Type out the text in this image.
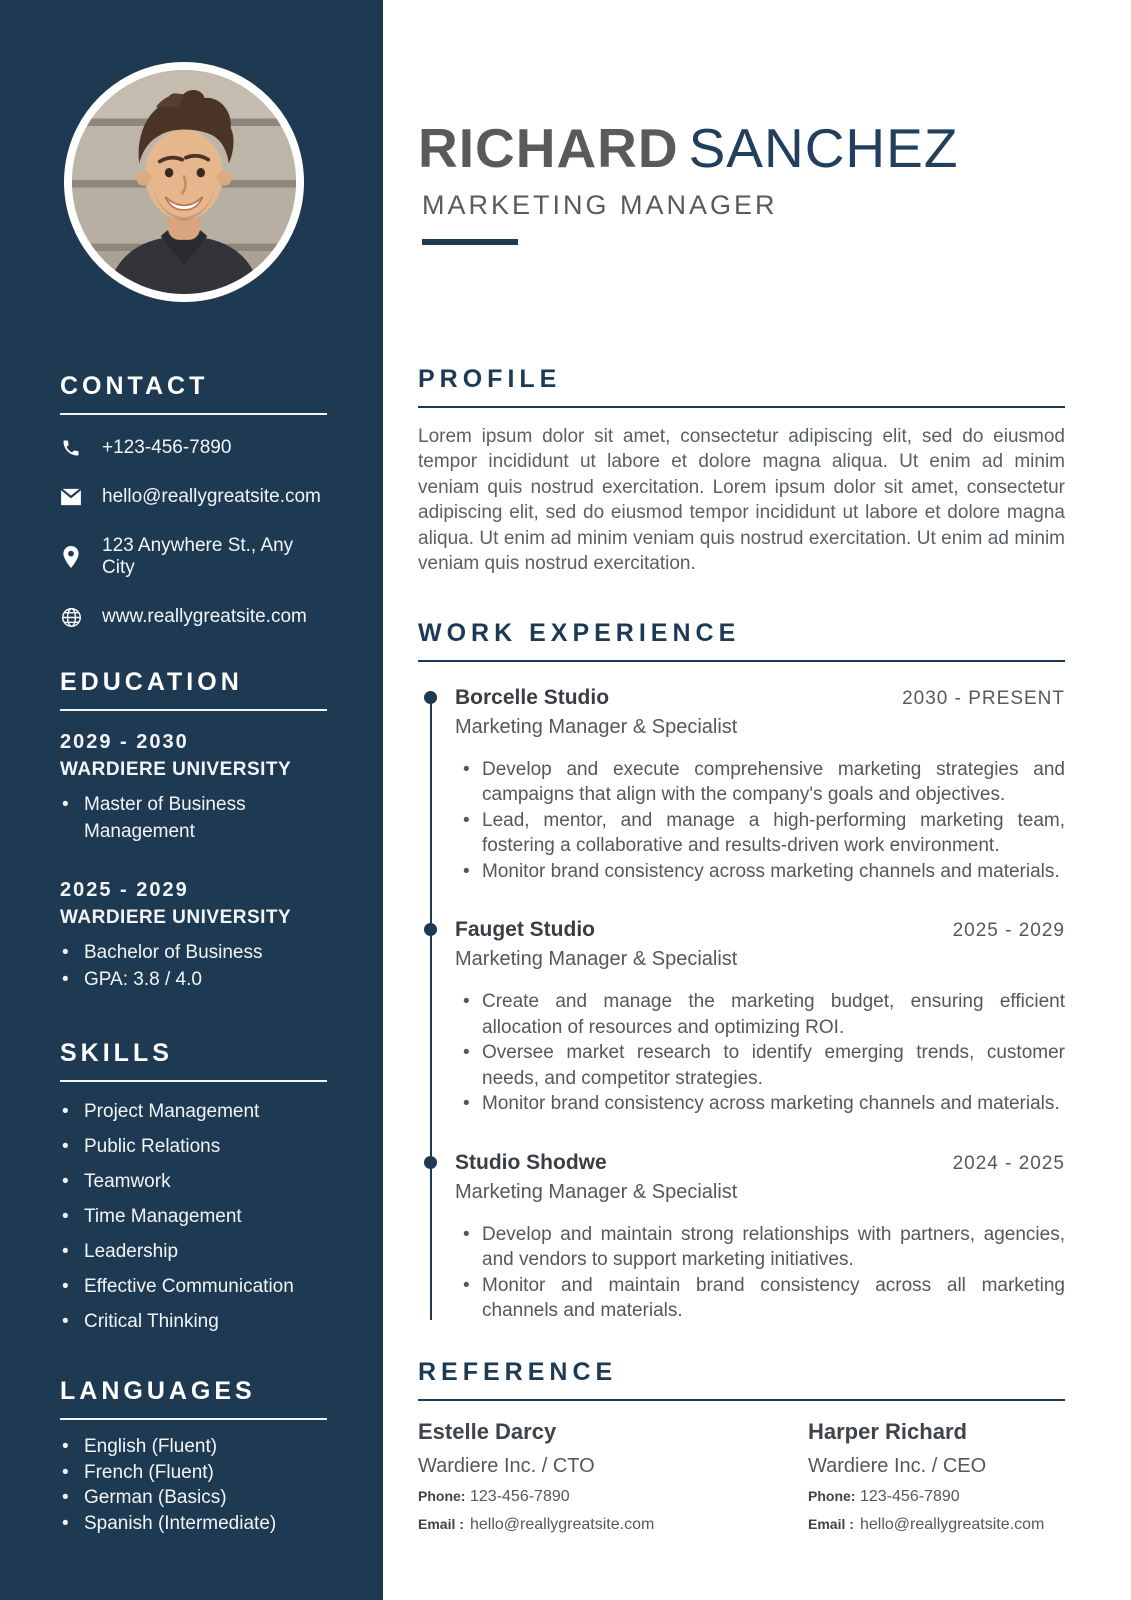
CONTACT
+123-456-7890
hello@reallygreatsite.com
123 Anywhere St., Any City
www.reallygreatsite.com
EDUCATION
2029 - 2030
WARDIERE UNIVERSITY
• Master of Business Management
2025 - 2029
WARDIERE UNIVERSITY
• Bachelor of Business
• GPA: 3.8 / 4.0
SKILLS
• Project Management
• Public Relations
• Teamwork
• Time Management
• Leadership
• Effective Communication
• Critical Thinking
LANGUAGES
• English (Fluent)
• French (Fluent)
• German (Basics)
• Spanish (Intermediate)
RICHARD SANCHEZ
MARKETING MANAGER
PROFILE

Lorem ipsum dolor sit amet, consectetur adipiscing elit, sed do eiusmod tempor incididunt ut labore et dolore magna aliqua. Ut enim ad minim veniam quis nostrud exercitation. Lorem ipsum dolor sit amet, consectetur adipiscing elit, sed do eiusmod tempor incididunt ut labore et dolore magna aliqua. Ut enim ad minim veniam quis nostrud exercitation. Ut enim ad minim veniam quis nostrud exercitation.

WORK EXPERIENCE
Borcelle Studio	2030 - PRESENT
Marketing Manager & Specialist
• Develop and execute comprehensive marketing strategies and campaigns that align with the company's goals and objectives.
• Lead, mentor, and manage a high-performing marketing team, fostering a collaborative and results-driven work environment.
• Monitor brand consistency across marketing channels and materials.
Fauget Studio	2025 - 2029
Marketing Manager & Specialist
• Create and manage the marketing budget, ensuring efficient allocation of resources and optimizing ROI.
• Oversee market research to identify emerging trends, customer needs, and competitor strategies.
• Monitor brand consistency across marketing channels and materials.
Studio Shodwe	2024 - 2025
Marketing Manager & Specialist
• Develop and maintain strong relationships with partners, agencies, and vendors to support marketing initiatives.
• Monitor and maintain brand consistency across all marketing channels and materials.
REFERENCE
Estelle Darcy
Wardiere Inc. / CTO
Phone: 123-456-7890
Email : hello@reallygreatsite.com
Harper Richard
Wardiere Inc. / CEO
Phone: 123-456-7890
Email : hello@reallygreatsite.com
